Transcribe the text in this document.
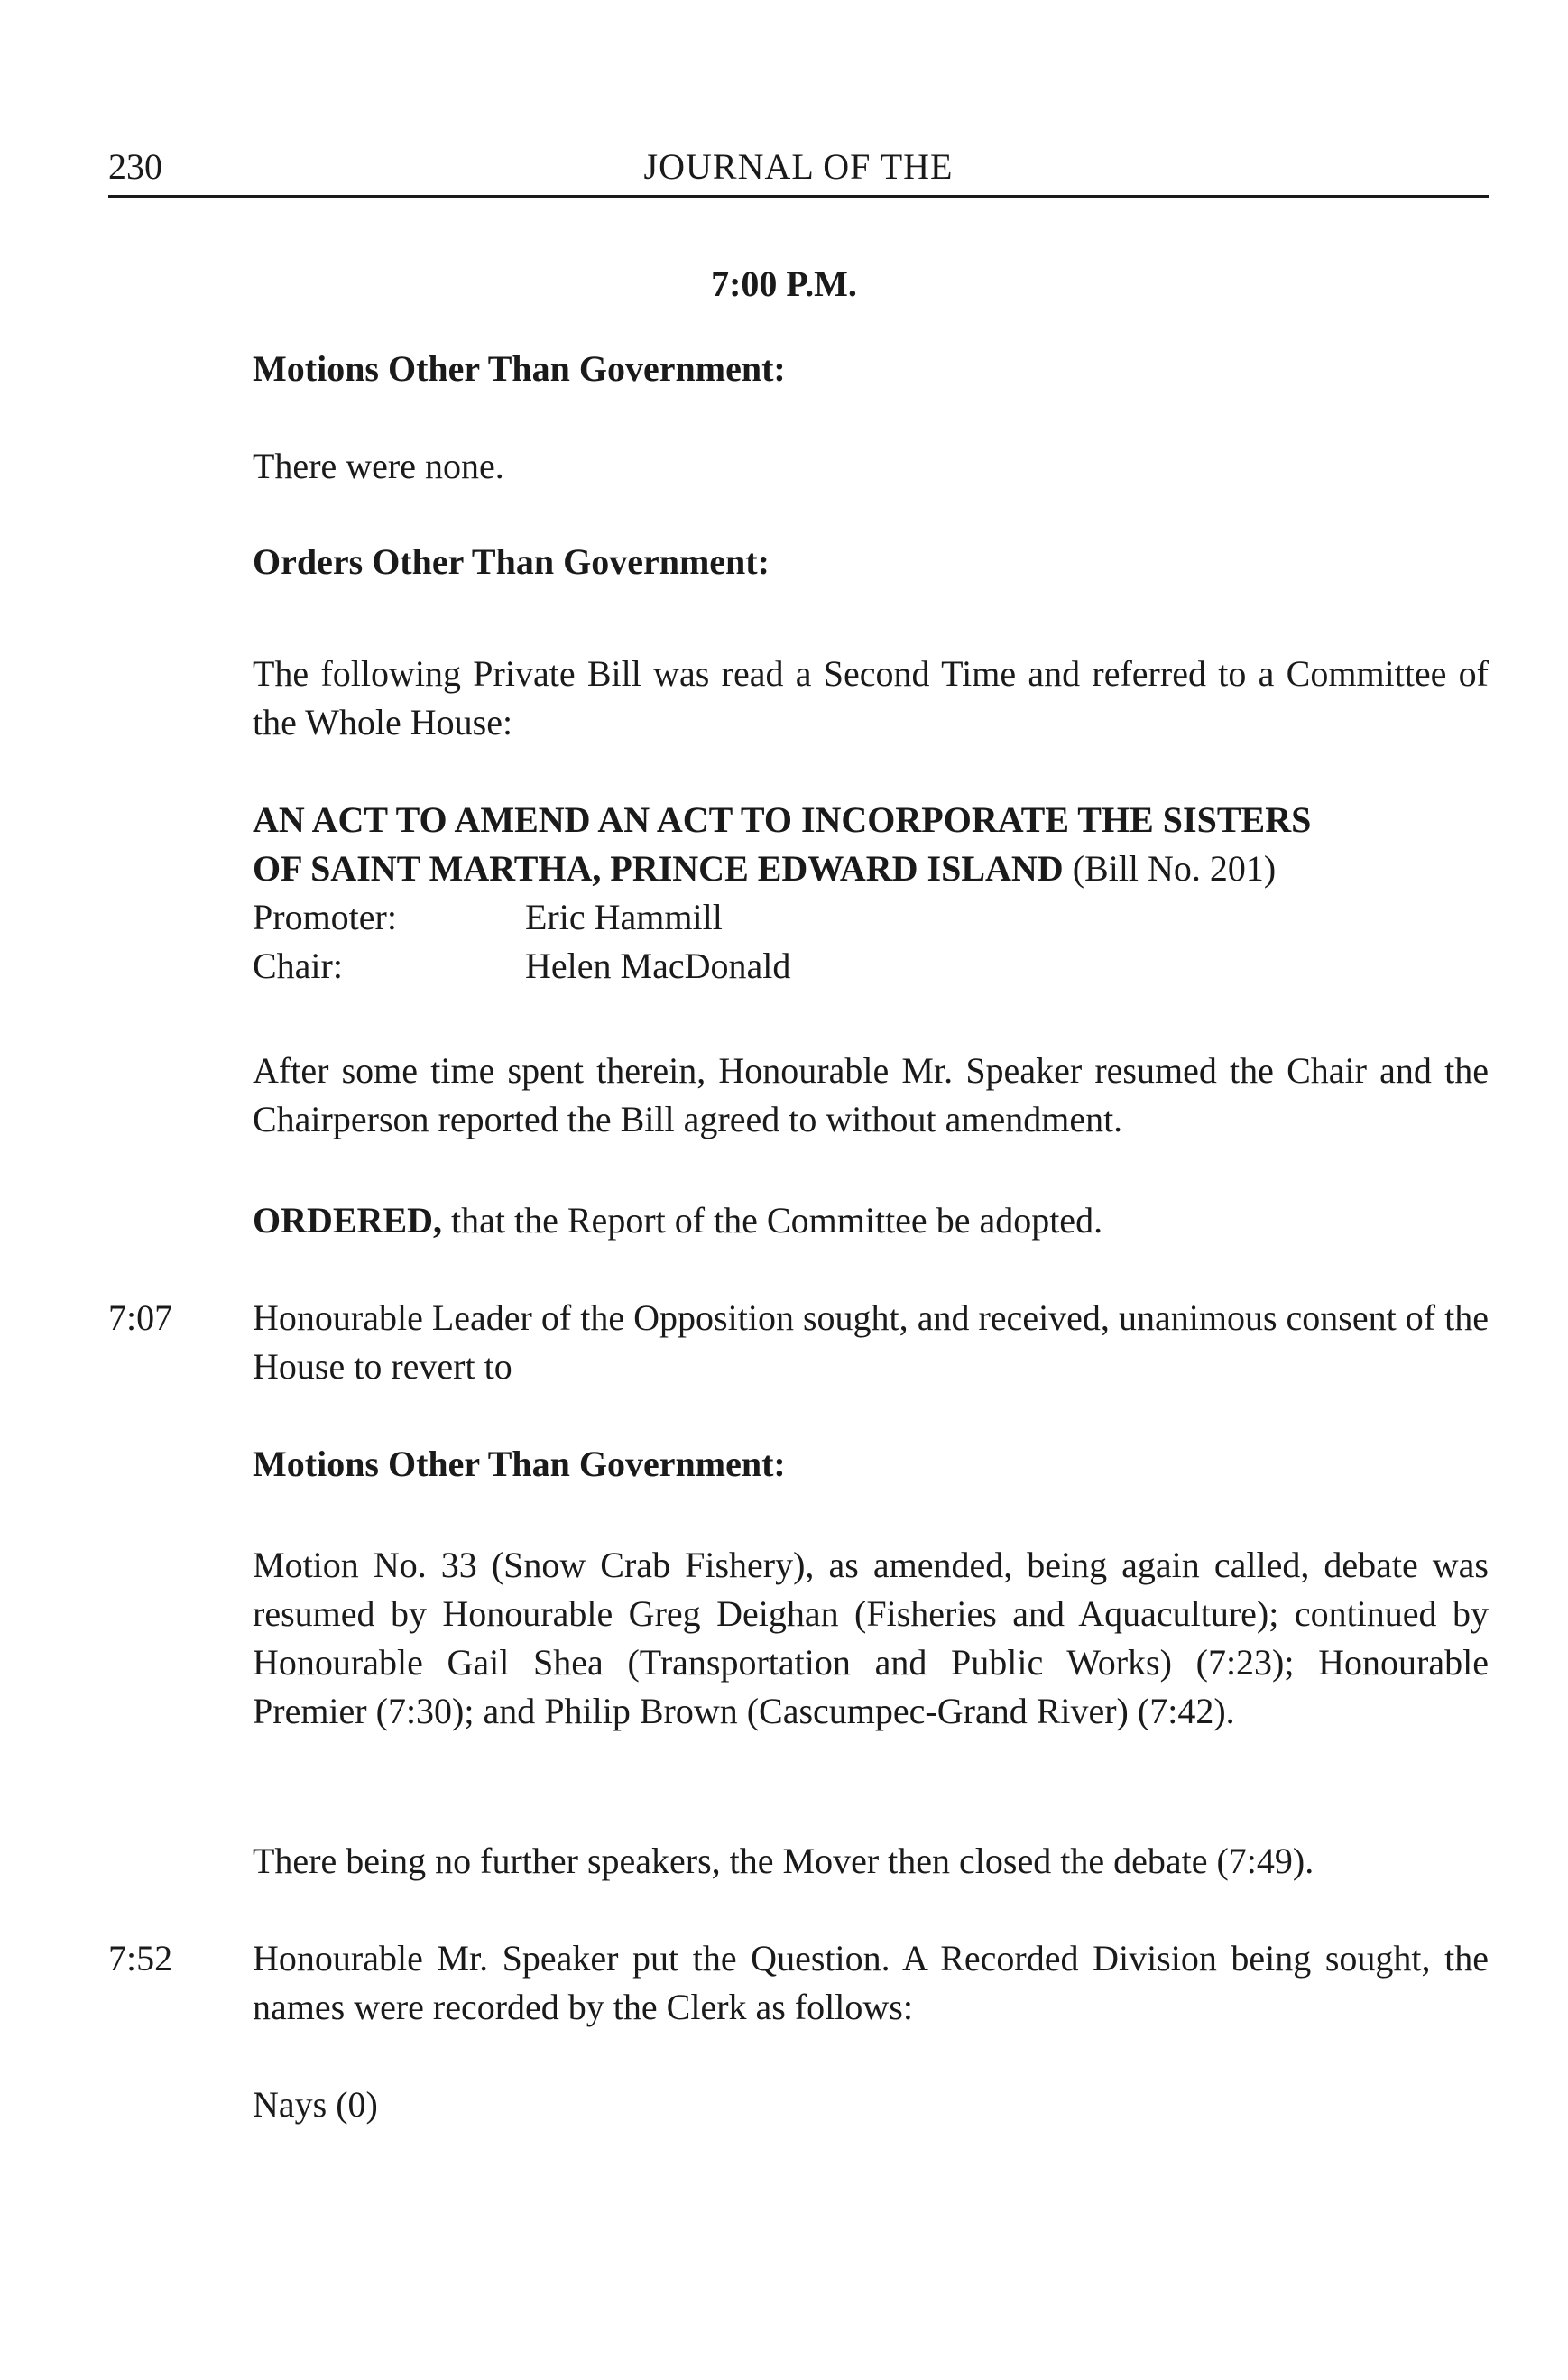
230	JOURNAL OF THE
7:00 P.M.
Motions Other Than Government:
There were none.
Orders Other Than Government:
The following Private Bill was read a Second Time and referred to a Committee of the Whole House:
AN ACT TO AMEND AN ACT TO INCORPORATE THE SISTERS
OF SAINT MARTHA, PRINCE EDWARD ISLAND (Bill No. 201)
Promoter:	Eric Hammill
Chair:	Helen MacDonald
After some time spent therein, Honourable Mr. Speaker resumed the Chair and the Chairperson reported the Bill agreed to without amendment.
ORDERED, that the Report of the Committee be adopted.
7:07 Honourable Leader of the Opposition sought, and received, unanimous consent of the House to revert to
Motions Other Than Government:
Motion No. 33 (Snow Crab Fishery), as amended, being again called, debate was resumed by Honourable Greg Deighan (Fisheries and Aquaculture); continued by Honourable Gail Shea (Transportation and Public Works) (7:23); Honourable Premier (7:30); and Philip Brown (Cascumpec-Grand River) (7:42).
There being no further speakers, the Mover then closed the debate (7:49).
7:52 Honourable Mr. Speaker put the Question. A Recorded Division being sought, the names were recorded by the Clerk as follows:
Nays (0)
